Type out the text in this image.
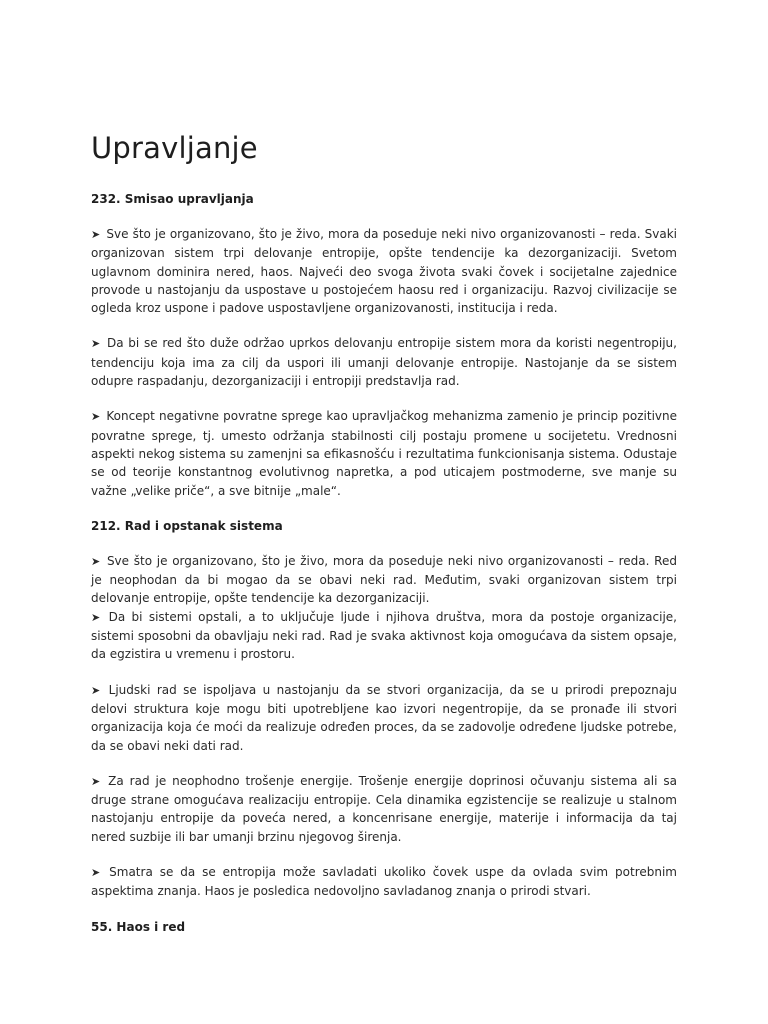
Upravljanje
232. Smisao upravljanja

➤ Sve što je organizovano, što je živo, mora da poseduje neki nivo organizovanosti – reda. Svaki organizovan sistem trpi delovanje entropije, opšte tendencije ka dezorganizaciji. Svetom uglavnom dominira nered, haos. Najveći deo svoga života svaki čovek i socijetalne zajednice provode u nastojanju da uspostave u postojećem haosu red i organizaciju. Razvoj civilizacije se ogleda kroz uspone i padove uspostavljene organizovanosti, institucija i reda.

➤ Da bi se red što duže održao uprkos delovanju entropije sistem mora da koristi negentropiju, tendenciju koja ima za cilj da uspori ili umanji delovanje entropije. Nastojanje da se sistem odupre raspadanju, dezorganizaciji i entropiji predstavlja rad.

➤ Koncept negativne povratne sprege kao upravljačkog mehanizma zamenio je princip pozitivne povratne sprege, tj. umesto održanja stabilnosti cilj postaju promene u socijetetu. Vrednosni aspekti nekog sistema su zamenjni sa efikasnošću i rezultatima funkcionisanja sistema. Odustaje se od teorije konstantnog evolutivnog napretka, a pod uticajem postmoderne, sve manje su važne „velike priče“, a sve bitnije „male“.

212. Rad i opstanak sistema

➤ Sve što je organizovano, što je živo, mora da poseduje neki nivo organizovanosti – reda. Red je neophodan da bi mogao da se obavi neki rad. Međutim, svaki organizovan sistem trpi delovanje entropije, opšte tendencije ka dezorganizaciji.

➤ Da bi sistemi opstali, a to uključuje ljude i njihova društva, mora da postoje organizacije, sistemi sposobni da obavljaju neki rad. Rad je svaka aktivnost koja omogućava da sistem opsaje, da egzistira u vremenu i prostoru.

➤ Ljudski rad se ispoljava u nastojanju da se stvori organizacija, da se u prirodi prepoznaju delovi struktura koje mogu biti upotrebljene kao izvori negentropije, da se pronađe ili stvori organizacija koja će moći da realizuje određen proces, da se zadovolje određene ljudske potrebe, da se obavi neki dati rad.

➤ Za rad je neophodno trošenje energije. Trošenje energije doprinosi očuvanju sistema ali sa druge strane omogućava realizaciju entropije. Cela dinamika egzistencije se realizuje u stalnom nastojanju entropije da poveća nered, a koncenrisane energije, materije i informacija da taj nered suzbije ili bar umanji brzinu njegovog širenja.

➤ Smatra se da se entropija može savladati ukoliko čovek uspe da ovlada svim potrebnim aspektima znanja. Haos je posledica nedovoljno savladanog znanja o prirodi stvari.

55. Haos i red
